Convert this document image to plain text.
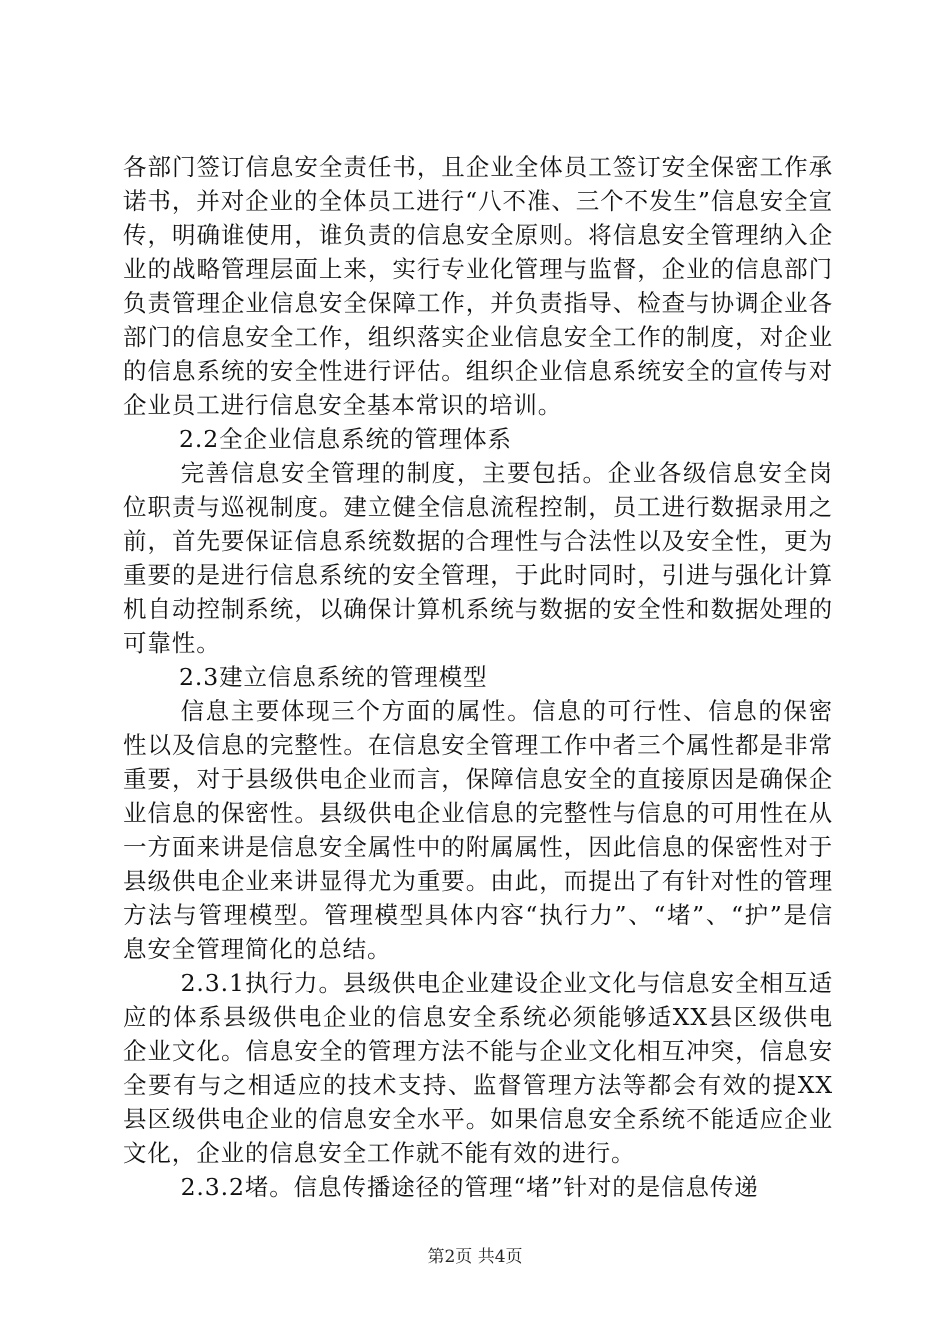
各部门签订信息安全责任书，且企业全体员工签订安全保密工作承诺书，并对企业的全体员工进行“八不准、三个不发生”信息安全宣传，明确谁使用，谁负责的信息安全原则。将信息安全管理纳入企业的战略管理层面上来，实行专业化管理与监督，企业的信息部门负责管理企业信息安全保障工作，并负责指导、检查与协调企业各部门的信息安全工作，组织落实企业信息安全工作的制度，对企业的信息系统的安全性进行评估。组织企业信息系统安全的宣传与对企业员工进行信息安全基本常识的培训。

2.2全企业信息系统的管理体系

完善信息安全管理的制度，主要包括。企业各级信息安全岗位职责与巡视制度。建立健全信息流程控制，员工进行数据录用之前，首先要保证信息系统数据的合理性与合法性以及安全性，更为重要的是进行信息系统的安全管理，于此时同时，引进与强化计算机自动控制系统，以确保计算机系统与数据的安全性和数据处理的可靠性。

2.3建立信息系统的管理模型

信息主要体现三个方面的属性。信息的可行性、信息的保密性以及信息的完整性。在信息安全管理工作中者三个属性都是非常重要，对于县级供电企业而言，保障信息安全的直接原因是确保企业信息的保密性。县级供电企业信息的完整性与信息的可用性在从一方面来讲是信息安全属性中的附属属性，因此信息的保密性对于县级供电企业来讲显得尤为重要。由此，而提出了有针对性的管理方法与管理模型。管理模型具体内容“执行力”、“堵”、“护”是信息安全管理简化的总结。

2.3.1执行力。县级供电企业建设企业文化与信息安全相互适应的体系县级供电企业的信息安全系统必须能够适XX县区级供电企业文化。信息安全的管理方法不能与企业文化相互冲突，信息安全要有与之相适应的技术支持、监督管理方法等都会有效的提XX县区级供电企业的信息安全水平。如果信息安全系统不能适应企业文化，企业的信息安全工作就不能有效的进行。

2.3.2堵。信息传播途径的管理“堵”针对的是信息传递

第2页 共4页
